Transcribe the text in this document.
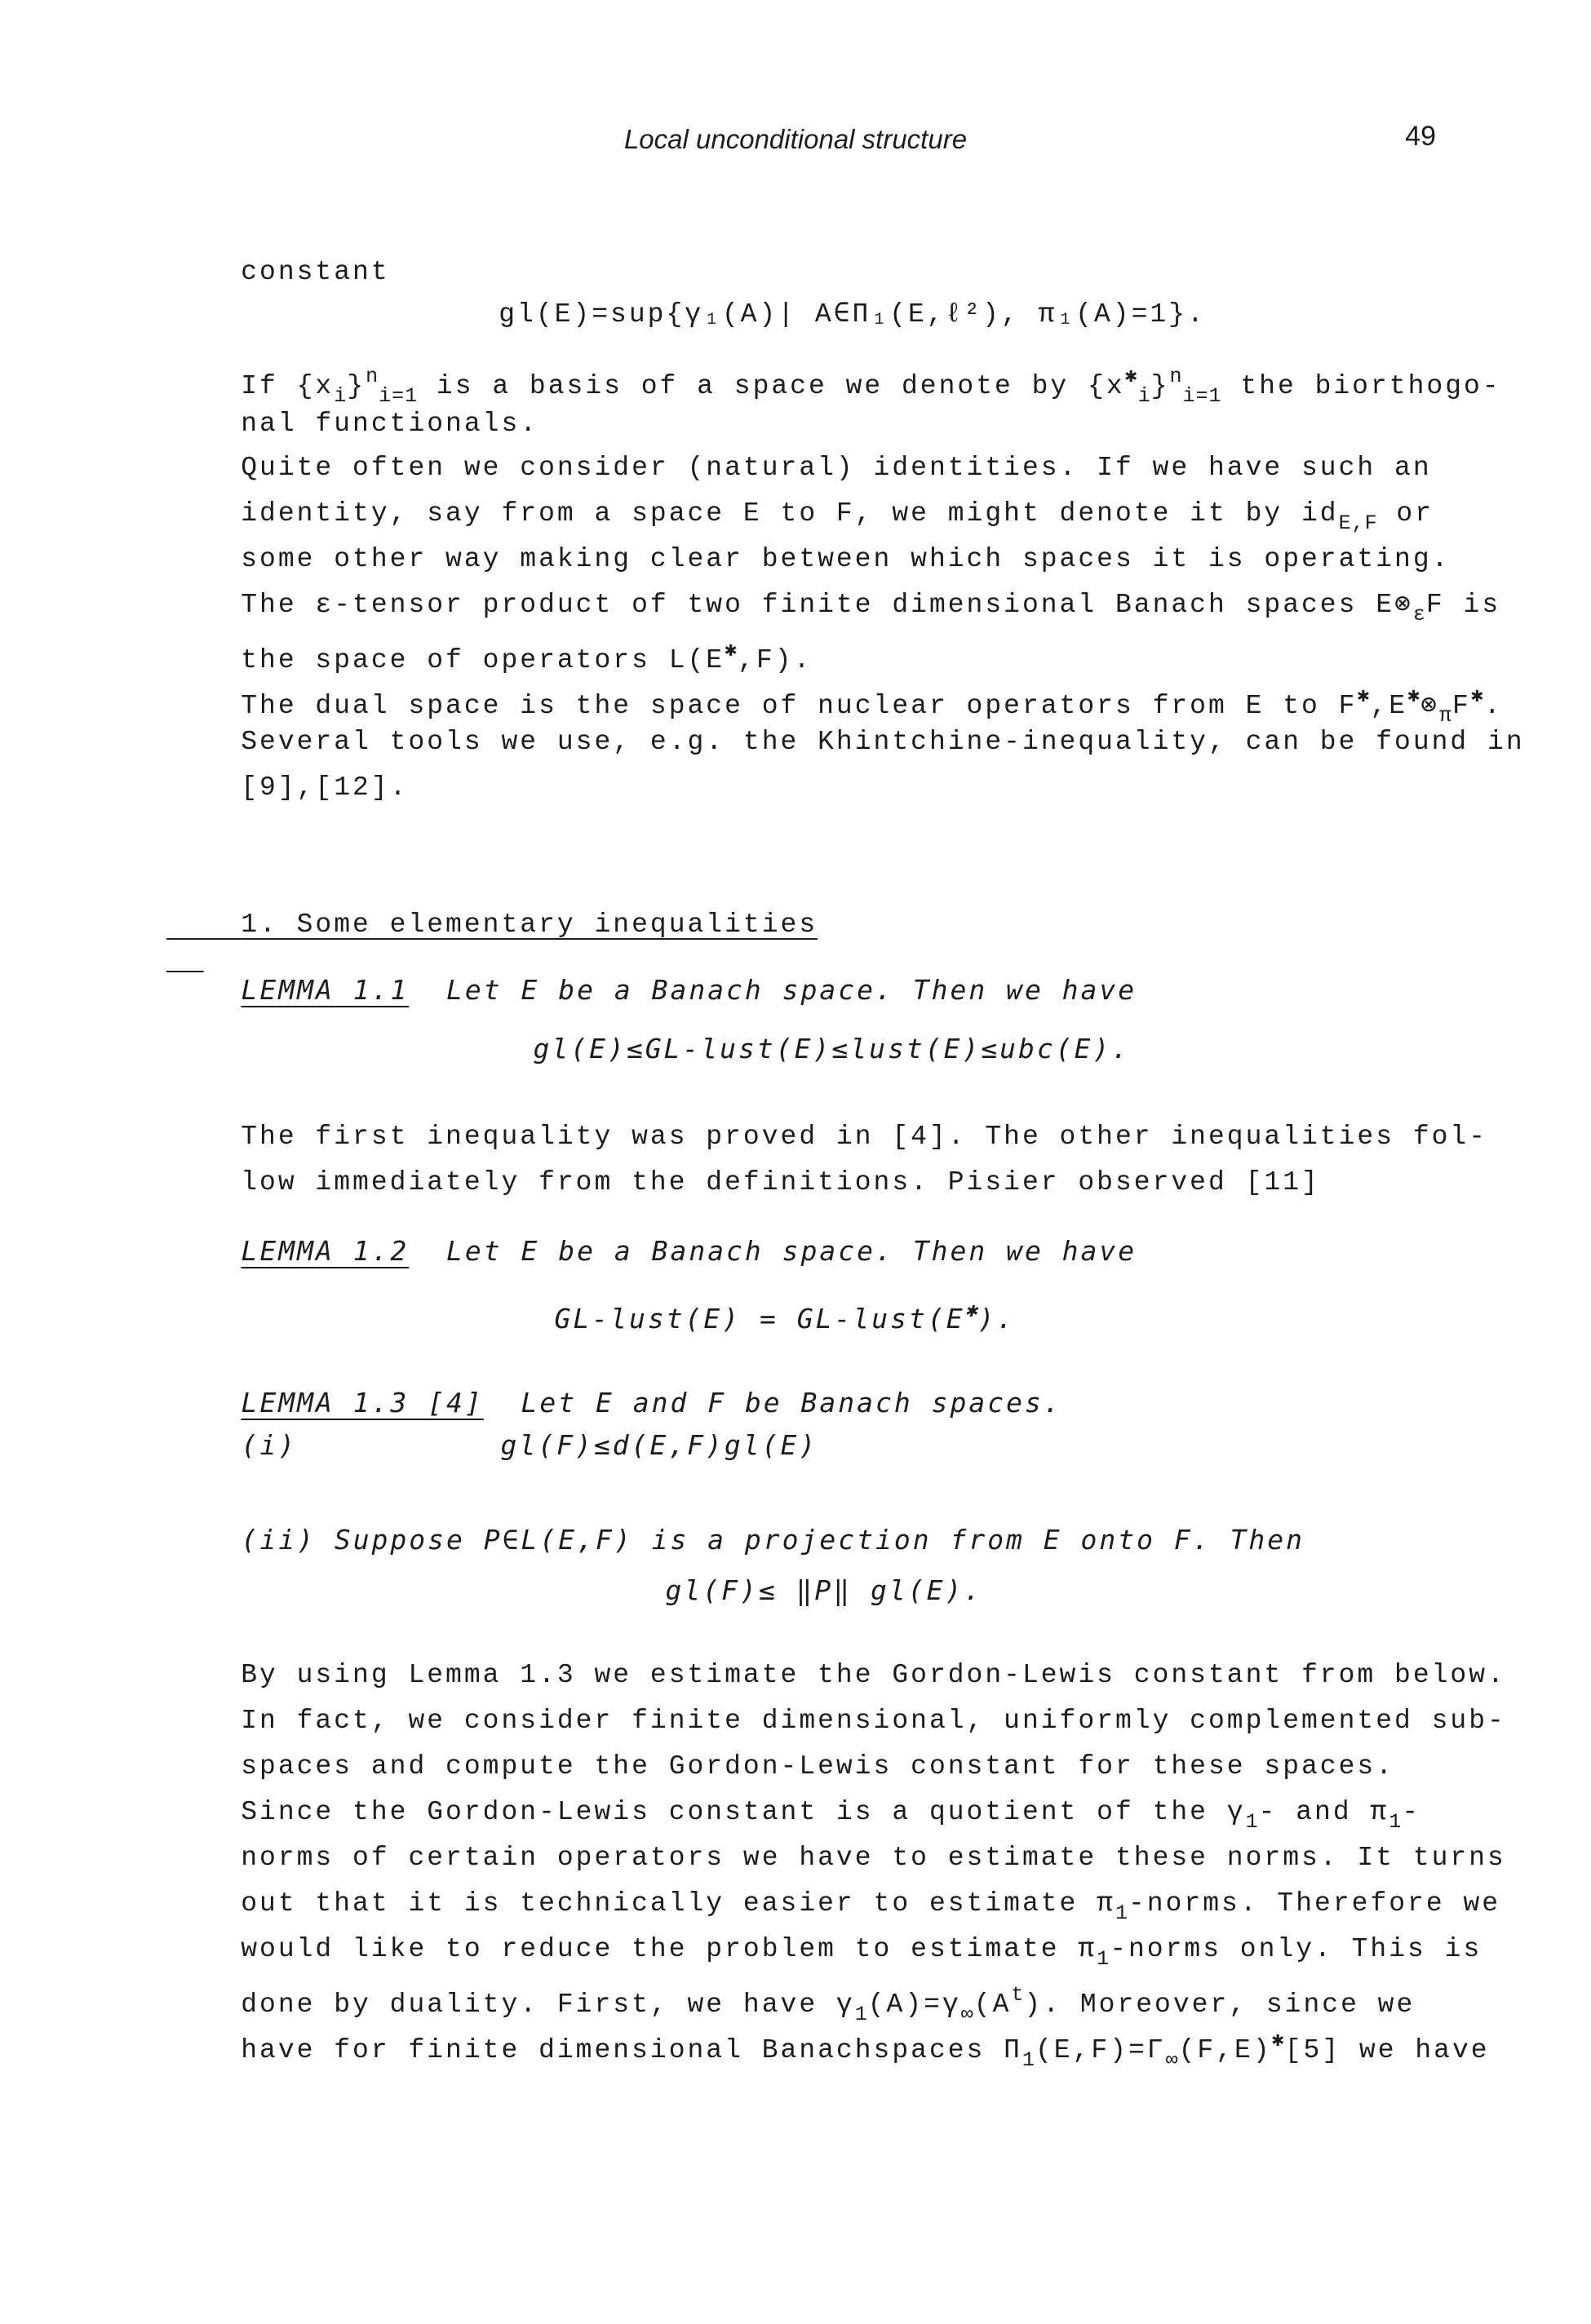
Local unconditional structure	49

constant

gl(E)=sup{γ₁(A)| A∈Π₁(E,ℓ²), π₁(A)=1}.

If $\{x_i\}^n_{i=1}$ is a basis of a space we denote by $\{x^✱_i\}^n_{i=1}$ the biorthogo-

nal functionals.

Quite often we consider (natural) identities. If we have such an

identity, say from a space E to F, we might denote it by $id_{E,F}$ or

some other way making clear between which spaces it is operating.

The ε-tensor product of two finite dimensional Banach spaces $E\otimes_\varepsilon F$ is

the space of operators L(E✱,F).

The dual space is the space of nuclear operators from E to $F^✱,E^✱\otimes_\pi F^✱$.

Several tools we use, e.g. the Khintchine-inequality, can be found in

[9],[12].

1. Some elementary inequalities

LEMMA 1.1 Let E be a Banach space. Then we have

gl(E)≤GL-lust(E)≤lust(E)≤ubc(E).

The first inequality was proved in [4]. The other inequalities fol-

low immediately from the definitions. Pisier observed [11]

LEMMA 1.2 Let E be a Banach space. Then we have

GL-lust(E) = GL-lust(E✱).

LEMMA 1.3 [4] Let E and F be Banach spaces.

(i)
	gl(F)≤d(E,F)gl(E)

(ii) Suppose P∈L(E,F) is a projection from E onto F. Then

gl(F)≤ ‖P‖ gl(E).

By using Lemma 1.3 we estimate the Gordon-Lewis constant from below.

In fact, we consider finite dimensional, uniformly complemented sub-

spaces and compute the Gordon-Lewis constant for these spaces.

Since the Gordon-Lewis constant is a quotient of the $\gamma_1-$ and $\pi_1-$

norms of certain operators we have to estimate these norms. It turns

out that it is technically easier to estimate $\pi_1$-norms. Therefore we

would like to reduce the problem to estimate $\pi_1$-norms only. This is

done by duality. First, we have $\gamma_1(A)=\gamma_\infty(A^t)$. Moreover, since we

have for finite dimensional Banachspaces $\Pi_1(E,F)=\Gamma_\infty(F,E)^✱[5]$ we have
